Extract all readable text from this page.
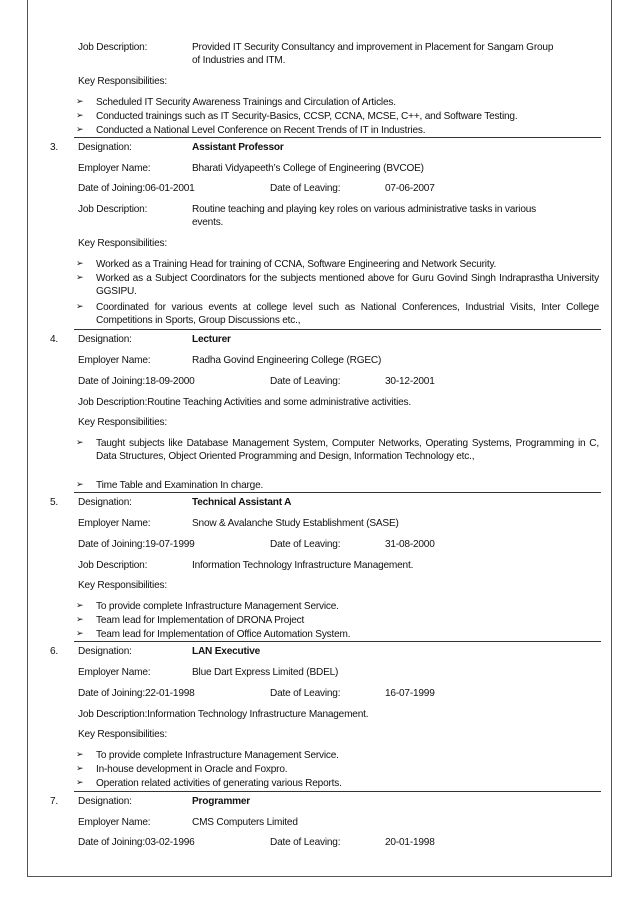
Job Description:	Provided IT Security Consultancy and improvement in Placement for Sangam Group
of Industries and ITM.
Key Responsibilities:
➢	Scheduled IT Security Awareness Trainings and Circulation of Articles.
➢	Conducted trainings such as IT Security-Basics, CCSP, CCNA, MCSE, C++, and Software Testing.
➢	Conducted a National Level Conference on Recent Trends of IT in Industries.
3. Designation:	Assistant Professor
Employer Name:	Bharati Vidyapeeth’s College of Engineering (BVCOE)
Date of Joining:06-01-2001	Date of Leaving:	07-06-2007
Job Description:	Routine teaching and playing key roles on various administrative tasks in various
events.
Key Responsibilities:
➢	Worked as a Training Head for training of CCNA, Software Engineering and Network Security.
➢	Worked as a Subject Coordinators for the subjects mentioned above for Guru Govind Singh Indraprastha University GGSIPU.
➢	Coordinated for various events at college level such as National Conferences, Industrial Visits, Inter College Competitions in Sports, Group Discussions etc.,
4. Designation:	Lecturer
Employer Name:	Radha Govind Engineering College (RGEC)
Date of Joining:18-09-2000	Date of Leaving:	30-12-2001
Job Description:Routine Teaching Activities and some administrative activities.
Key Responsibilities:
➢	Taught subjects like Database Management System, Computer Networks, Operating Systems, Programming in C, Data Structures, Object Oriented Programming and Design, Information Technology etc.,
➢	Time Table and Examination In charge.
5. Designation:	Technical Assistant A
Employer Name:	Snow & Avalanche Study Establishment (SASE)
Date of Joining:19-07-1999	Date of Leaving:	31-08-2000
Job Description:	Information Technology Infrastructure Management.
Key Responsibilities:
➢	To provide complete Infrastructure Management Service.
➢	Team lead for Implementation of DRONA Project
➢	Team lead for Implementation of Office Automation System.
6. Designation:	LAN Executive
Employer Name:	Blue Dart Express Limited (BDEL)
Date of Joining:22-01-1998	Date of Leaving:	16-07-1999
Job Description:Information Technology Infrastructure Management.
Key Responsibilities:
➢	To provide complete Infrastructure Management Service.
➢	In-house development in Oracle and Foxpro.
➢	Operation related activities of generating various Reports.
7. Designation:	Programmer
Employer Name:	CMS Computers Limited
Date of Joining:03-02-1996	Date of Leaving:	20-01-1998
